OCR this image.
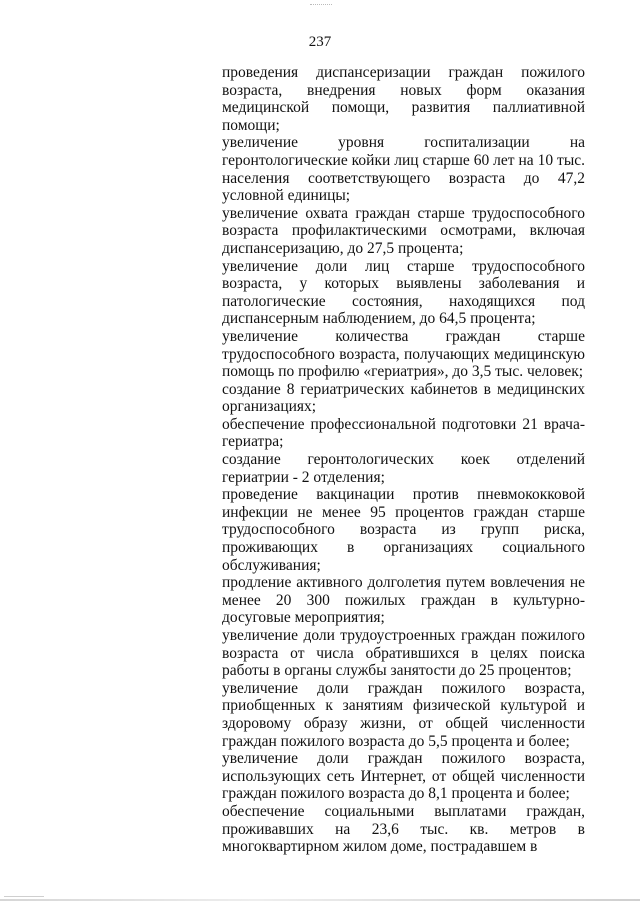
237

проведения диспансеризации граждан пожилого возраста, внедрения новых форм оказания медицинской помощи, развития паллиативной помощи;

увеличение уровня госпитализации на геронтологические койки лиц старше 60 лет на 10 тыс. населения соответствующего возраста до 47,2 условной единицы;

увеличение охвата граждан старше трудоспособного возраста профилактическими осмотрами, включая диспансеризацию, до 27,5 процента;

увеличение доли лиц старше трудоспособного возраста, у которых выявлены заболевания и патологические состояния, находящихся под диспансерным наблюдением, до 64,5 процента;

увеличение количества граждан старше трудоспособного возраста, получающих медицинскую помощь по профилю «гериатрия», до 3,5 тыс. человек;

создание 8 гериатрических кабинетов в медицинских организациях;

обеспечение профессиональной подготовки 21 врача-гериатра;

создание геронтологических коек отделений гериатрии - 2 отделения;

проведение вакцинации против пневмококковой инфекции не менее 95 процентов граждан старше трудоспособного возраста из групп риска, проживающих в организациях социального обслуживания;

продление активного долголетия путем вовлечения не менее 20 300 пожилых граждан в культурно-досуговые мероприятия;

увеличение доли трудоустроенных граждан пожилого возраста от числа обратившихся в целях поиска работы в органы службы занятости до 25 процентов;

увеличение доли граждан пожилого возраста, приобщенных к занятиям физической культурой и здоровому образу жизни, от общей численности граждан пожилого возраста до 5,5 процента и более;

увеличение доли граждан пожилого возраста, использующих сеть Интернет, от общей численности граждан пожилого возраста до 8,1 процента и более;

обеспечение социальными выплатами граждан, проживавших на 23,6 тыс. кв. метров в многоквартирном жилом доме, пострадавшем в
